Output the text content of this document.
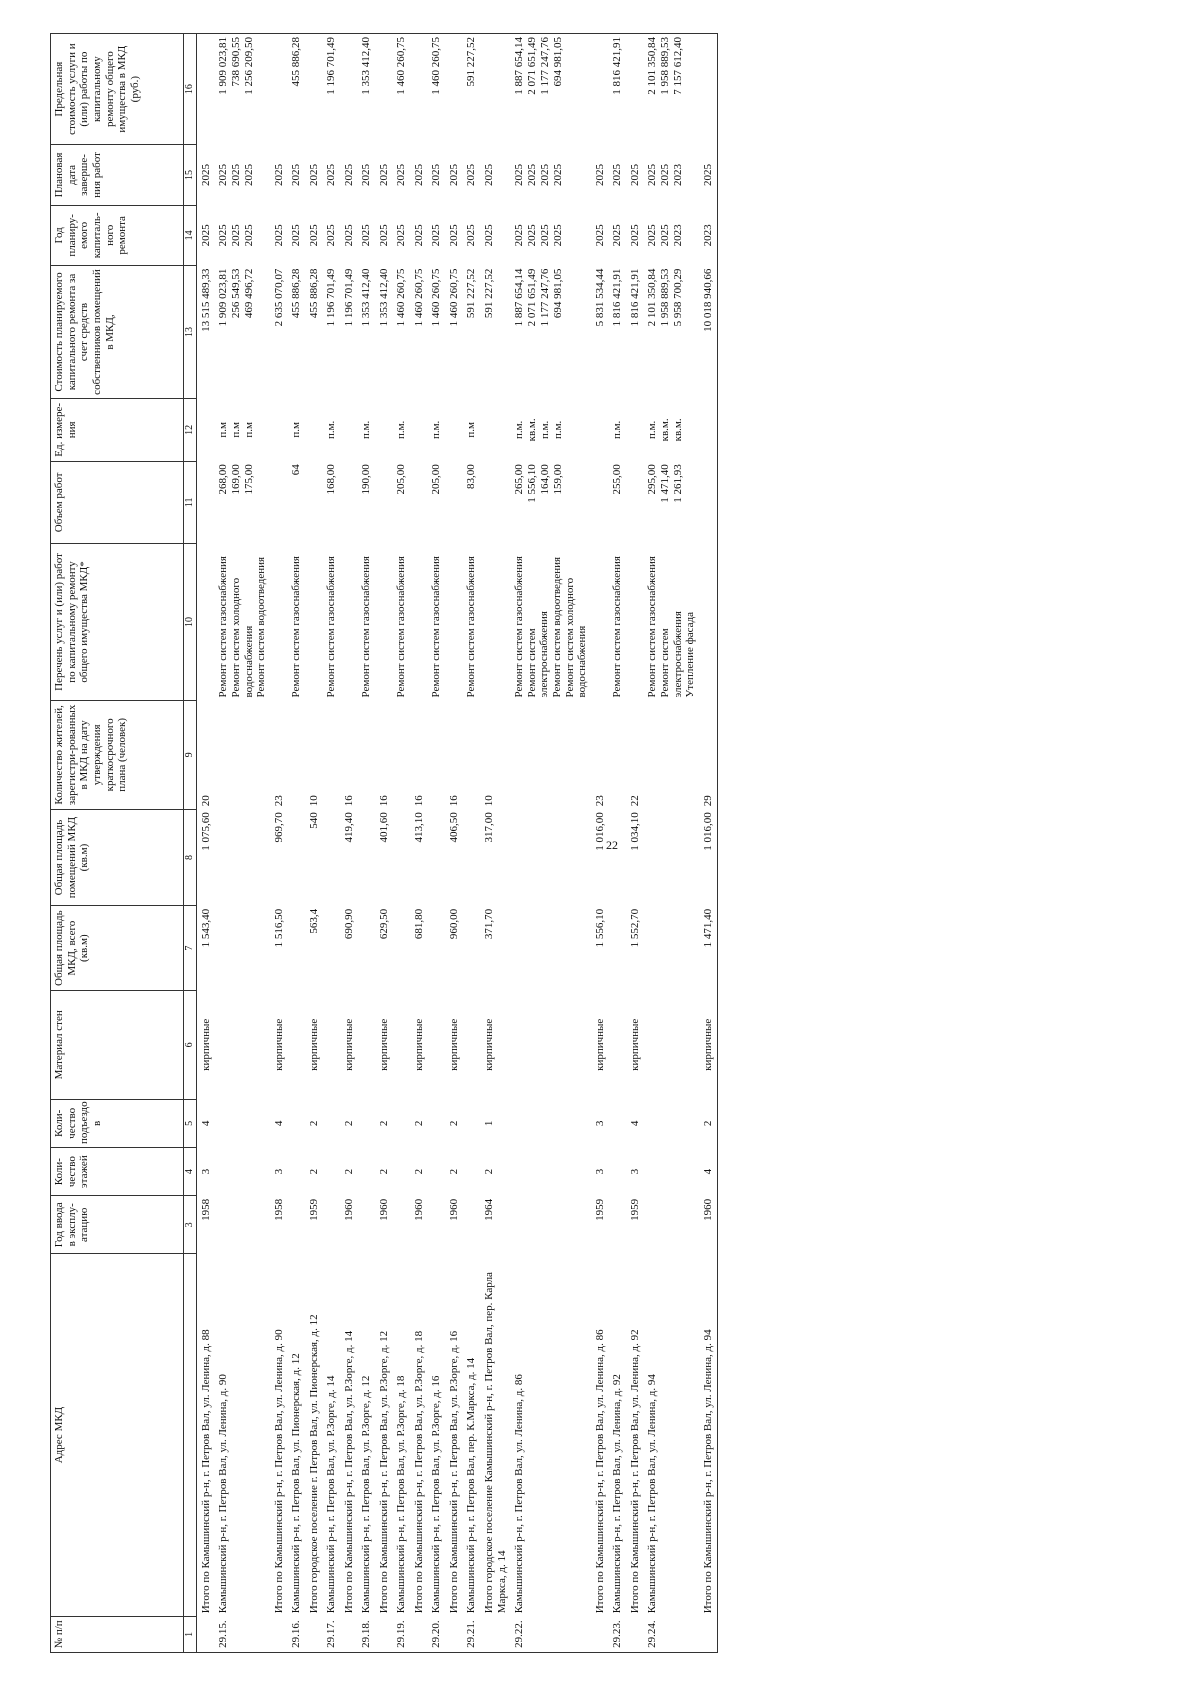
22
№ п/п	Адрес МКД	Год ввода в эксплу-атацию	Коли-чество этажей	Коли-чество подъездо в	Материал стен	Общая площадь МКД, всего (кв.м)	Общая площадь помещений МКД (кв.м)	Количество жителей, зарегистри-рованных в МКД на дату утверждения краткосрочного плана (человек)	Перечень услуг и (или) работ по капитальному ремонту общего имущества МКД*	Объем работ	Ед. измере-ния	Стоимость планируемого капитального ремонта за счет средств собственников помещений в МКД,	Год планиру-емого капиталь-ного ремонта	Плановая дата заверше-ния работ	Предельная стоимость услуги и (или) работы по капитальному ремонту общего имущества в МКД (руб.)
1		3	4	5	6	7	8	9	10	11	12	13	14	15	16
	Итого по Камышинский р-н, г. Петров Вал, ул. Ленина, д. 88	1958	3	4	кирпичные	1 543,40	1 075,60	20				13 515 489,33	2025	2025	

29.15.	Камышинский р-н, г. Петров Вал, ул. Ленина, д. 90								Ремонт систем газоснабжения Ремонт систем холодного водоснабжения Ремонт систем водоотведения	268,00 169,00 175,00	п.м п.м п.м	1 909 023,81 256 549,53 469 496,72	2025 2025 2025	2025 2025 2025	1 909 023,81 738 690,55 1 256 209,50

	Итого по Камышинский р-н, г. Петров Вал, ул. Ленина, д. 90	1958	3	4	кирпичные	1 516,50	969,70	23				2 635 070,07	2025	2025	

29.16.	Камышинский р-н, г. Петров Вал, ул. Пионерская, д. 12								Ремонт систем газоснабжения	64	п.м	455 886,28	2025	2025	455 886,28

	Итого городское поселение г. Петров Вал, ул. Пионерская, д. 12	1959	2	2	кирпичные	563,4	540	10				455 886,28	2025	2025	

29.17.	Камышинский р-н, г. Петров Вал, ул. Р.Зорге, д. 14								Ремонт систем газоснабжения	168,00	п.м.	1 196 701,49	2025	2025	1 196 701,49

	Итого по Камышинский р-н, г. Петров Вал, ул. Р.Зорге, д. 14	1960	2	2	кирпичные	690,90	419,40	16				1 196 701,49	2025	2025	

29.18.	Камышинский р-н, г. Петров Вал, ул. Р.Зорге, д. 12								Ремонт систем газоснабжения	190,00	п.м.	1 353 412,40	2025	2025	1 353 412,40

	Итого по Камышинский р-н, г. Петров Вал, ул. Р.Зорге, д. 12	1960	2	2	кирпичные	629,50	401,60	16				1 353 412,40	2025	2025	

29.19.	Камышинский р-н, г. Петров Вал, ул. Р.Зорге, д. 18								Ремонт систем газоснабжения	205,00	п.м.	1 460 260,75	2025	2025	1 460 260,75

	Итого по Камышинский р-н, г. Петров Вал, ул. Р.Зорге, д. 18	1960	2	2	кирпичные	681,80	413,10	16				1 460 260,75	2025	2025	

29.20.	Камышинский р-н, г. Петров Вал, ул. Р.Зорге, д. 16								Ремонт систем газоснабжения	205,00	п.м.	1 460 260,75	2025	2025	1 460 260,75

	Итого по Камышинский р-н, г. Петров Вал, ул. Р.Зорге, д. 16	1960	2	2	кирпичные	960,00	406,50	16				1 460 260,75	2025	2025	

29.21.	Камышинский р-н, г. Петров Вал, пер. К.Маркса, д. 14								Ремонт систем газоснабжения	83,00	п.м	591 227,52	2025	2025	591 227,52

	Итого городское поселение Камышинский р-н, г. Петров Вал, пер. Карла Маркса, д. 14	1964	2	1	кирпичные	371,70	317,00	10				591 227,52	2025	2025	

29.22.	Камышинский р-н, г. Петров Вал, ул. Ленина, д. 86								Ремонт систем газоснабжения Ремонт систем электроснабжения Ремонт систем водоотведения Ремонт систем холодного водоснабжения	265,00 1 556,10 164,00 159,00	п.м. кв.м. п.м. п.м.	1 887 654,14 2 071 651,49 1 177 247,76 694 981,05	2025 2025 2025 2025	2025 2025 2025 2025	1 887 654,14 2 071 651,49 1 177 247,76 694 981,05

	Итого по Камышинский р-н, г. Петров Вал, ул. Ленина, д. 86	1959	3	3	кирпичные	1 556,10	1 016,00	23				5 831 534,44	2025	2025	

29.23.	Камышинский р-н, г. Петров Вал, ул. Ленина, д. 92								Ремонт систем газоснабжения	255,00	п.м.	1 816 421,91	2025	2025	1 816 421,91

	Итого по Камышинский р-н, г. Петров Вал, ул. Ленина, д. 92	1959	3	4	кирпичные	1 552,70	1 034,10	22				1 816 421,91	2025	2025	

29.24.	Камышинский р-н, г. Петров Вал, ул. Ленина, д. 94								Ремонт систем газоснабжения Ремонт систем электроснабжения Утепление фасада	295,00 1 471,40 1 261,93	п.м. кв.м. кв.м.	2 101 350,84 1 958 889,53 5 958 700,29	2025 2025 2023	2025 2025 2023	2 101 350,84 1 958 889,53 7 157 612,40

	Итого по Камышинский р-н, г. Петров Вал, ул. Ленина, д. 94	1960	4	2	кирпичные	1 471,40	1 016,00	29				10 018 940,66	2023	2025	
